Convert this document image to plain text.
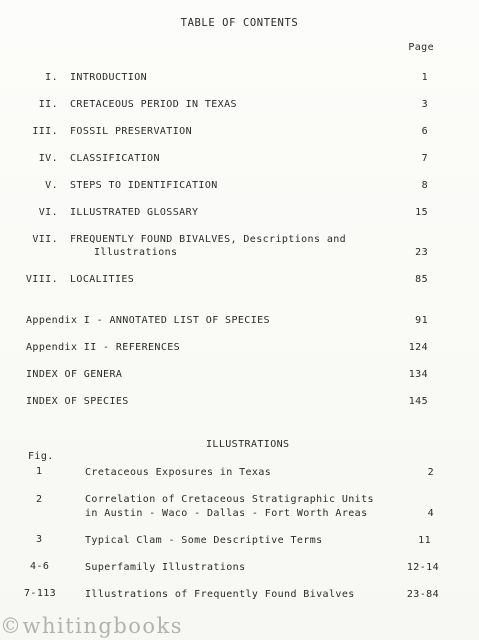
TABLE OF CONTENTS
Page
I. INTRODUCTION	1
II. CRETACEOUS PERIOD IN TEXAS	3
III. FOSSIL PRESERVATION	6
IV. CLASSIFICATION	7
V. STEPS TO IDENTIFICATION	8
VI. ILLUSTRATED GLOSSARY	15
VII. FREQUENTLY FOUND BIVALVES, Descriptions and
Illustrations	23
VIII. LOCALITIES	85
Appendix I - ANNOTATED LIST OF SPECIES	91
Appendix II - REFERENCES	124
INDEX OF GENERA	134
INDEX OF SPECIES	145
ILLUSTRATIONS
Fig.
1	Cretaceous Exposures in Texas	2
2	Correlation of Cretaceous Stratigraphic Units
in Austin - Waco - Dallas - Fort Worth Areas	4
3	Typical Clam - Some Descriptive Terms	11
4-6	Superfamily Illustrations	12-14
7-113	Illustrations of Frequently Found Bivalves	23-84
©whitingbooks
